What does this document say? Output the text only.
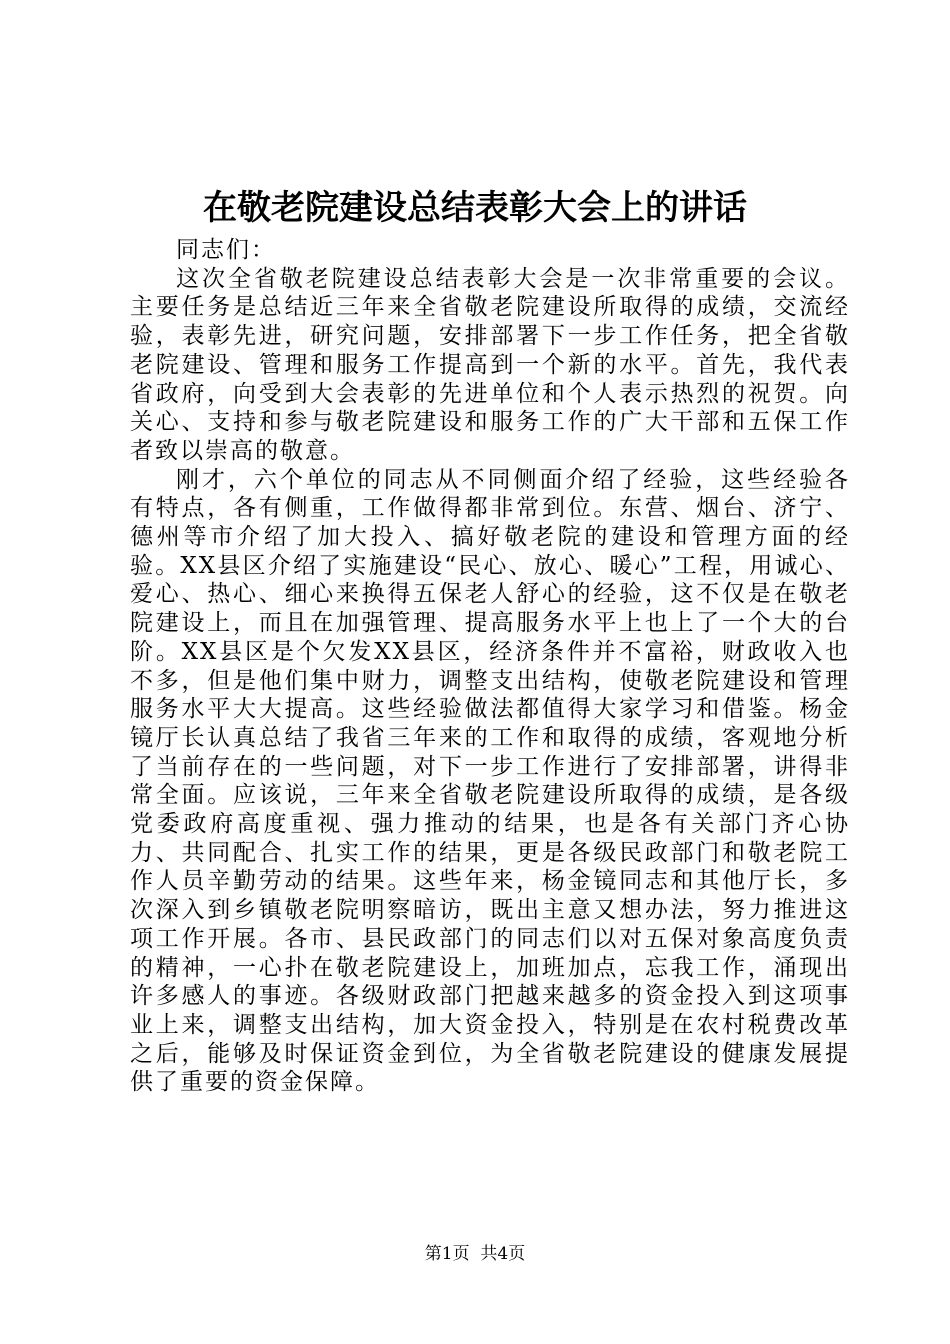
在敬老院建设总结表彰大会上的讲话

同志们：

这次全省敬老院建设总结表彰大会是一次非常重要的会议。主要任务是总结近三年来全省敬老院建设所取得的成绩，交流经验，表彰先进，研究问题，安排部署下一步工作任务，把全省敬老院建设、管理和服务工作提高到一个新的水平。首先，我代表省政府，向受到大会表彰的先进单位和个人表示热烈的祝贺。向关心、支持和参与敬老院建设和服务工作的广大干部和五保工作者致以崇高的敬意。

刚才，六个单位的同志从不同侧面介绍了经验，这些经验各有特点，各有侧重，工作做得都非常到位。东营、烟台、济宁、德州等市介绍了加大投入、搞好敬老院的建设和管理方面的经验。XX县区介绍了实施建设“民心、放心、暖心”工程，用诚心、爱心、热心、细心来换得五保老人舒心的经验，这不仅是在敬老院建设上，而且在加强管理、提高服务水平上也上了一个大的台阶。XX县区是个欠发XX县区，经济条件并不富裕，财政收入也不多，但是他们集中财力，调整支出结构，使敬老院建设和管理服务水平大大提高。这些经验做法都值得大家学习和借鉴。杨金镜厅长认真总结了我省三年来的工作和取得的成绩，客观地分析了当前存在的一些问题，对下一步工作进行了安排部署，讲得非常全面。应该说，三年来全省敬老院建设所取得的成绩，是各级党委政府高度重视、强力推动的结果，也是各有关部门齐心协力、共同配合、扎实工作的结果，更是各级民政部门和敬老院工作人员辛勤劳动的结果。这些年来，杨金镜同志和其他厅长，多次深入到乡镇敬老院明察暗访，既出主意又想办法，努力推进这项工作开展。各市、县民政部门的同志们以对五保对象高度负责的精神，一心扑在敬老院建设上，加班加点，忘我工作，涌现出许多感人的事迹。各级财政部门把越来越多的资金投入到这项事业上来，调整支出结构，加大资金投入，特别是在农村税费改革之后，能够及时保证资金到位，为全省敬老院建设的健康发展提供了重要的资金保障。

第1页 共4页
